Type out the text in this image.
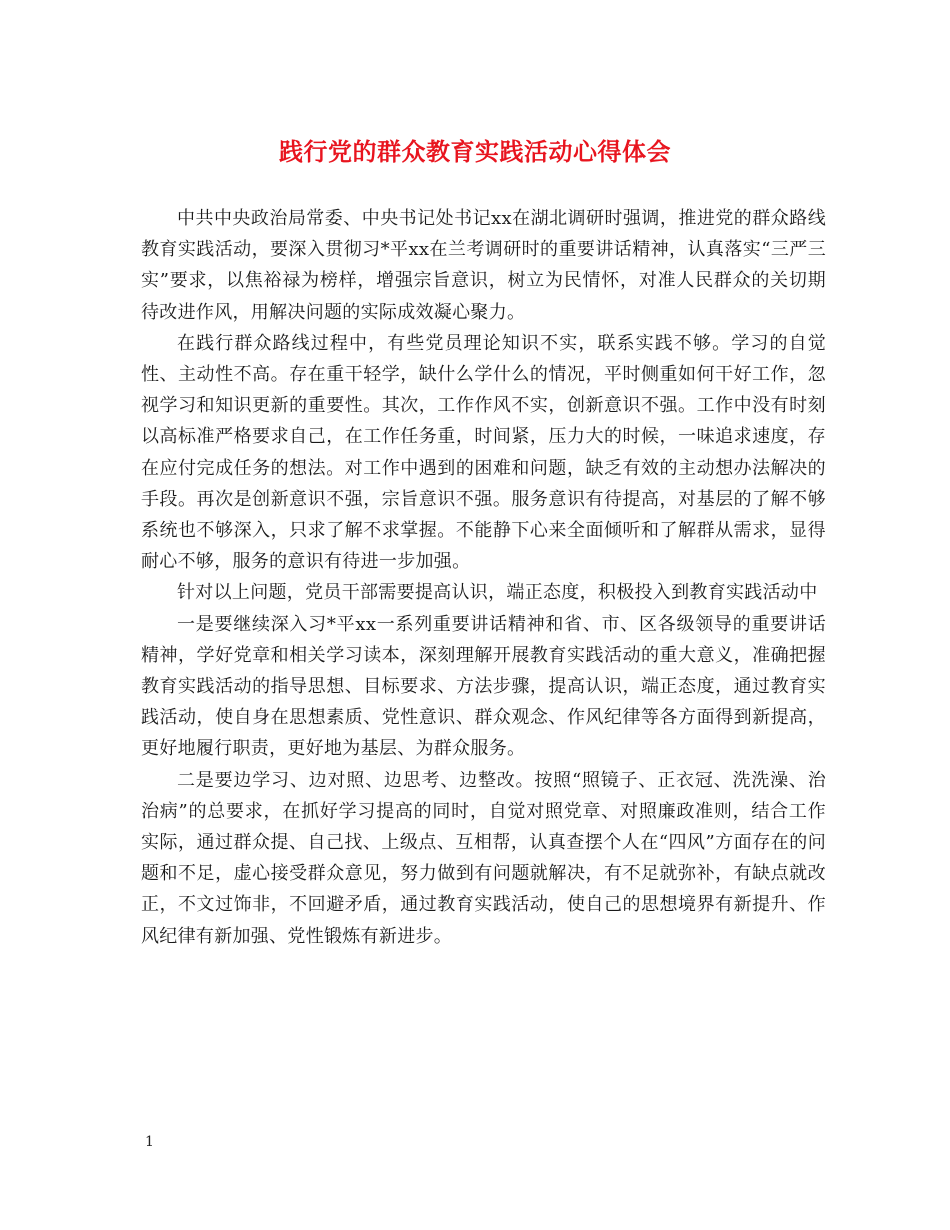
践行党的群众教育实践活动心得体会

中共中央政治局常委、中央书记处书记xx在湖北调研时强调，推进党的群众路线教育实践活动，要深入贯彻习*平xx在兰考调研时的重要讲话精神，认真落实“三严三实”要求，以焦裕禄为榜样，增强宗旨意识，树立为民情怀，对准人民群众的关切期待改进作风，用解决问题的实际成效凝心聚力。

在践行群众路线过程中，有些党员理论知识不实，联系实践不够。学习的自觉性、主动性不高。存在重干轻学，缺什么学什么的情况，平时侧重如何干好工作，忽视学习和知识更新的重要性。其次，工作作风不实，创新意识不强。工作中没有时刻以高标准严格要求自己，在工作任务重，时间紧，压力大的时候，一味追求速度，存在应付完成任务的想法。对工作中遇到的困难和问题，缺乏有效的主动想办法解决的手段。再次是创新意识不强，宗旨意识不强。服务意识有待提高，对基层的了解不够系统也不够深入，只求了解不求掌握。不能静下心来全面倾听和了解群从需求，显得耐心不够，服务的意识有待进一步加强。

针对以上问题，党员干部需要提高认识，端正态度，积极投入到教育实践活动中

一是要继续深入习*平xx一系列重要讲话精神和省、市、区各级领导的重要讲话精神，学好党章和相关学习读本，深刻理解开展教育实践活动的重大意义，准确把握教育实践活动的指导思想、目标要求、方法步骤，提高认识，端正态度，通过教育实践活动，使自身在思想素质、党性意识、群众观念、作风纪律等各方面得到新提高，更好地履行职责，更好地为基层、为群众服务。

二是要边学习、边对照、边思考、边整改。按照“照镜子、正衣冠、洗洗澡、治治病”的总要求，在抓好学习提高的同时，自觉对照党章、对照廉政准则，结合工作实际，通过群众提、自己找、上级点、互相帮，认真查摆个人在“四风”方面存在的问题和不足，虚心接受群众意见，努力做到有问题就解决，有不足就弥补，有缺点就改正，不文过饰非，不回避矛盾，通过教育实践活动，使自己的思想境界有新提升、作风纪律有新加强、党性锻炼有新进步。

1
